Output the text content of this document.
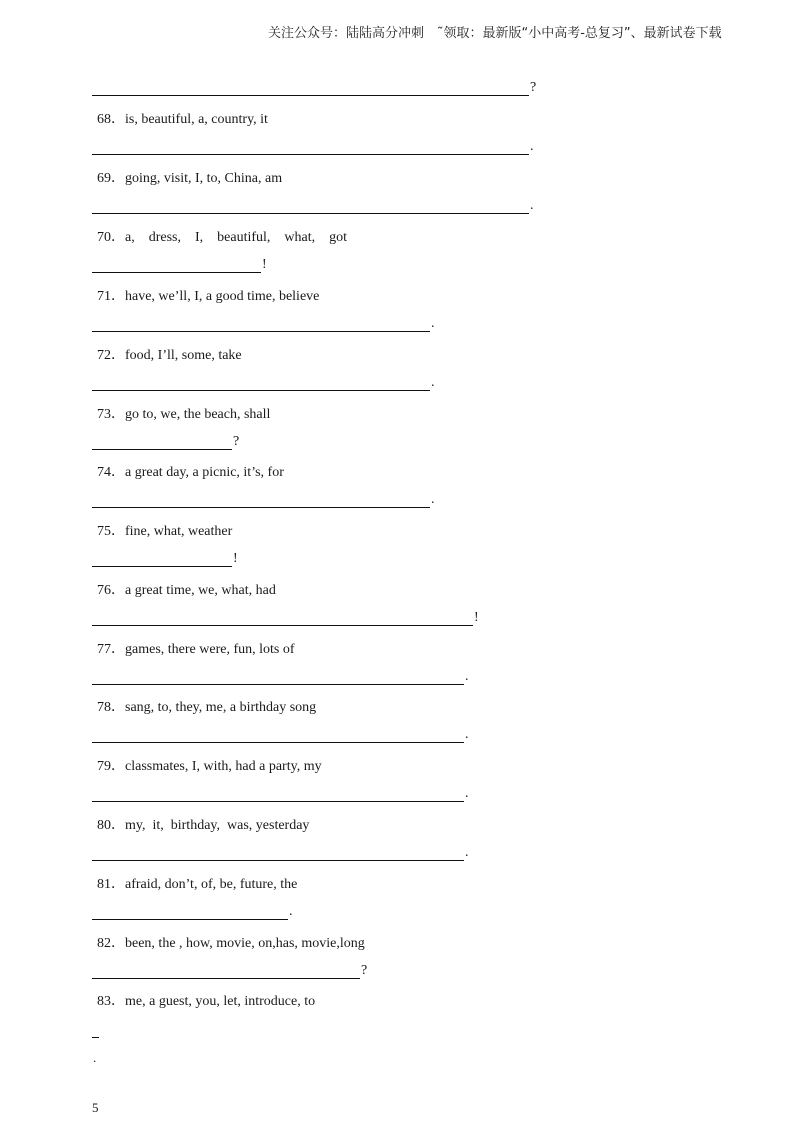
关注公众号：陆陆高分冲刺　˜领取：最新版“小中高考-总复习”、最新试卷下载
?
68．is, beautiful, a, country, it
.
69．going, visit, I, to, China, am
.
70．a,    dress,    I,    beautiful,    what,    got
!
71．have, we’ll, I, a good time, believe
.
72．food, I’ll, some, take
.
73．go to, we, the beach, shall
?
74．a great day, a picnic, it’s, for
.
75．fine, what, weather
!
76．a great time, we, what, had
!
77．games, there were, fun, lots of
.
78．sang, to, they, me, a birthday song
.
79．classmates, I, with, had a party, my
.
80．my,  it,  birthday,  was, yesterday
.
81．afraid, don’t, of, be, future, the
.
82．been, the , how, movie, on,has, movie,long
?
83．me, a guest, you, let, introduce, to
.
5
